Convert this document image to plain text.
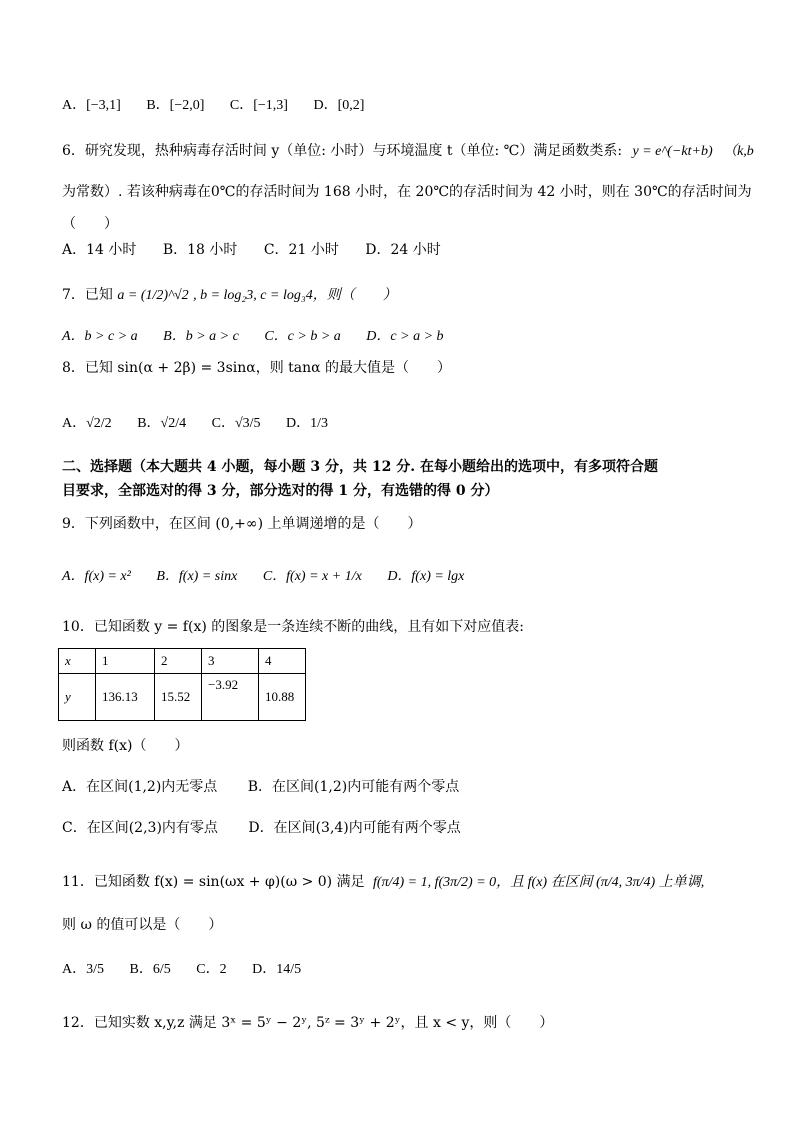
A．[−3,1] B．[−2,0] C．[−1,3] D．[0,2]
6．研究发现，热种病毒存活时间 y（单位: 小时）与环境温度 t（单位: ℃）满足函数类系: y = e^(−kt+b) （k,b
为常数）. 若该种病毒在0℃的存活时间为 168 小时，在 20℃的存活时间为 42 小时，则在 30℃的存活时间为
（　　）
A．14 小时 B．18 小时 C．21 小时 D．24 小时
7．已知 a = (1/2)^√2 , b = log₂3, c = log₃4，则（　　）
A．b > c > a B．b > a > c C．c > b > a D．c > a > b
8．已知 sin(α + 2β) = 3sinα，则 tanα 的最大值是（　　）
A．√2/2 B．√2/4 C．√3/5 D．1/3
二、选择题（本大题共 4 小题，每小题 3 分，共 12 分. 在每小题给出的选项中，有多项符合题
目要求，全部选对的得 3 分，部分选对的得 1 分，有选错的得 0 分）
9．下列函数中，在区间 (0,+∞) 上单调递增的是（　　）
A．f(x) = x² B．f(x) = sinx C．f(x) = x + 1/x D．f(x) = lgx
10．已知函数 y = f(x) 的图象是一条连续不断的曲线，且有如下对应值表:
x	1	2	3	4
y	136.13	15.52	−3.92	10.88
则函数 f(x)（　　）
A．在区间(1,2)内无零点 B．在区间(1,2)内可能有两个零点
C．在区间(2,3)内有零点 D．在区间(3,4)内可能有两个零点
11．已知函数 f(x) = sin(ωx + φ)(ω > 0) 满足 f(π/4) = 1, f(3π/2) = 0，且 f(x) 在区间 (π/4, 3π/4) 上单调,
则 ω 的值可以是（　　）
A．3/5 B．6/5 C．2 D．14/5
12．已知实数 x,y,z 满足 3ˣ = 5ʸ − 2ʸ, 5ᶻ = 3ʸ + 2ʸ，且 x < y，则（　　）
